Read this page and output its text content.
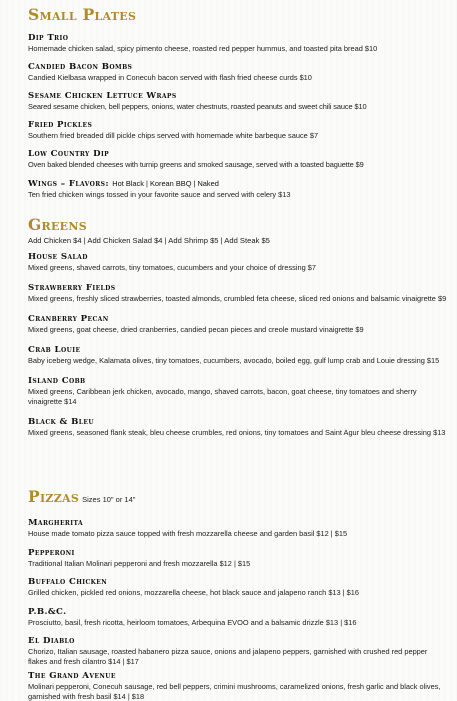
Small Plates
Dip Trio
Homemade chicken salad, spicy pimento cheese, roasted red pepper hummus, and toasted pita bread $10
Candied Bacon Bombs
Candied Kielbasa wrapped in Conecuh bacon served with flash fried cheese curds $10
Sesame Chicken Lettuce Wraps
Seared sesame chicken, bell peppers, onions, water chestnuts, roasted peanuts and sweet chili sauce $10
Fried Pickles
Southern fried breaded dill pickle chips served with homemade white barbeque sauce $7
Low Country Dip
Oven baked blended cheeses with turnip greens and smoked sausage, served with a toasted baguette $9
Wings – Flavors: Hot Black | Korean BBQ | Naked
Ten fried chicken wings tossed in your favorite sauce and served with celery $13
Greens
Add Chicken $4 | Add Chicken Salad $4 | Add Shrimp $5 | Add Steak $5
House Salad
Mixed greens, shaved carrots, tiny tomatoes, cucumbers and your choice of dressing $7
Strawberry Fields
Mixed greens, freshly sliced strawberries, toasted almonds, crumbled feta cheese, sliced red onions and balsamic vinaigrette $9
Cranberry Pecan
Mixed greens, goat cheese, dried cranberries, candied pecan pieces and creole mustard vinaigrette $9
Crab Louie
Baby iceberg wedge, Kalamata olives, tiny tomatoes, cucumbers, avocado, boiled egg, gulf lump crab and Louie dressing $15
Island Cobb
Mixed greens, Caribbean jerk chicken, avocado, mango, shaved carrots, bacon, goat cheese, tiny tomatoes and sherry vinaigrette $14
Black & Bleu
Mixed greens, seasoned flank steak, bleu cheese crumbles, red onions, tiny tomatoes and Saint Agur bleu cheese dressing $13
Pizzas Sizes 10" or 14"
Margherita
House made tomato pizza sauce topped with fresh mozzarella cheese and garden basil $12 | $15
Pepperoni
Traditional Italian Molinari pepperoni and fresh mozzarella $12 | $15
Buffalo Chicken
Grilled chicken, pickled red onions, mozzarella cheese, hot black sauce and jalapeno ranch $13 | $16
P.B.&C.
Prosciutto, basil, fresh ricotta, heirloom tomatoes, Arbequina EVOO and a balsamic drizzle $13 | $16
El Diablo
Chorizo, Italian sausage, roasted habanero pizza sauce, onions and jalapeno peppers, garnished with crushed red pepper flakes and fresh cilantro $14 | $17
The Grand Avenue
Molinari pepperoni, Conecuh sausage, red bell peppers, crimini mushrooms, caramelized onions, fresh garlic and black olives, garnished with fresh basil $14 | $18
